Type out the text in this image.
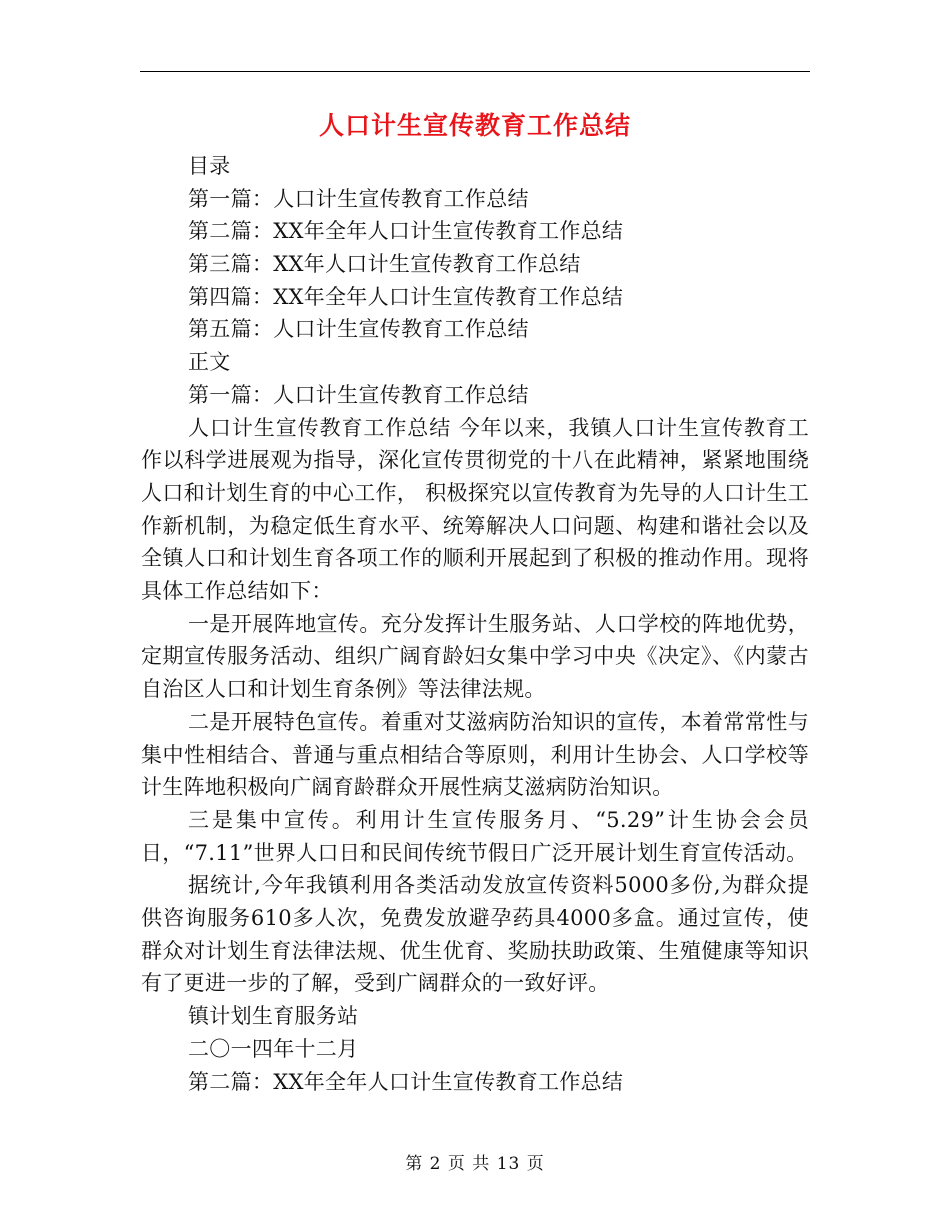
人口计生宣传教育工作总结
目录
第一篇：人口计生宣传教育工作总结
第二篇：XX年全年人口计生宣传教育工作总结
第三篇：XX年人口计生宣传教育工作总结
第四篇：XX年全年人口计生宣传教育工作总结
第五篇：人口计生宣传教育工作总结
正文
第一篇：人口计生宣传教育工作总结
人口计生宣传教育工作总结 今年以来，我镇人口计生宣传教育工作以科学进展观为指导，深化宣传贯彻党的十八在此精神，紧紧地围绕人口和计划生育的中心工作， 积极探究以宣传教育为先导的人口计生工作新机制，为稳定低生育水平、统筹解决人口问题、构建和谐社会以及全镇人口和计划生育各项工作的顺利开展起到了积极的推动作用。现将具体工作总结如下：
一是开展阵地宣传。充分发挥计生服务站、人口学校的阵地优势，定期宣传服务活动、组织广阔育龄妇女集中学习中央《决定》、《内蒙古自治区人口和计划生育条例》等法律法规。
二是开展特色宣传。着重对艾滋病防治知识的宣传，本着常常性与集中性相结合、普通与重点相结合等原则，利用计生协会、人口学校等计生阵地积极向广阔育龄群众开展性病艾滋病防治知识。
三是集中宣传。利用计生宣传服务月、“5.29”计生协会会员日，“7.11”世界人口日和民间传统节假日广泛开展计划生育宣传活动。
据统计,今年我镇利用各类活动发放宣传资料5000多份,为群众提供咨询服务610多人次，免费发放避孕药具4000多盒。通过宣传，使群众对计划生育法律法规、优生优育、奖励扶助政策、生殖健康等知识有了更进一步的了解，受到广阔群众的一致好评。
镇计划生育服务站
二〇一四年十二月
第二篇：XX年全年人口计生宣传教育工作总结
第 2 页 共 13 页
